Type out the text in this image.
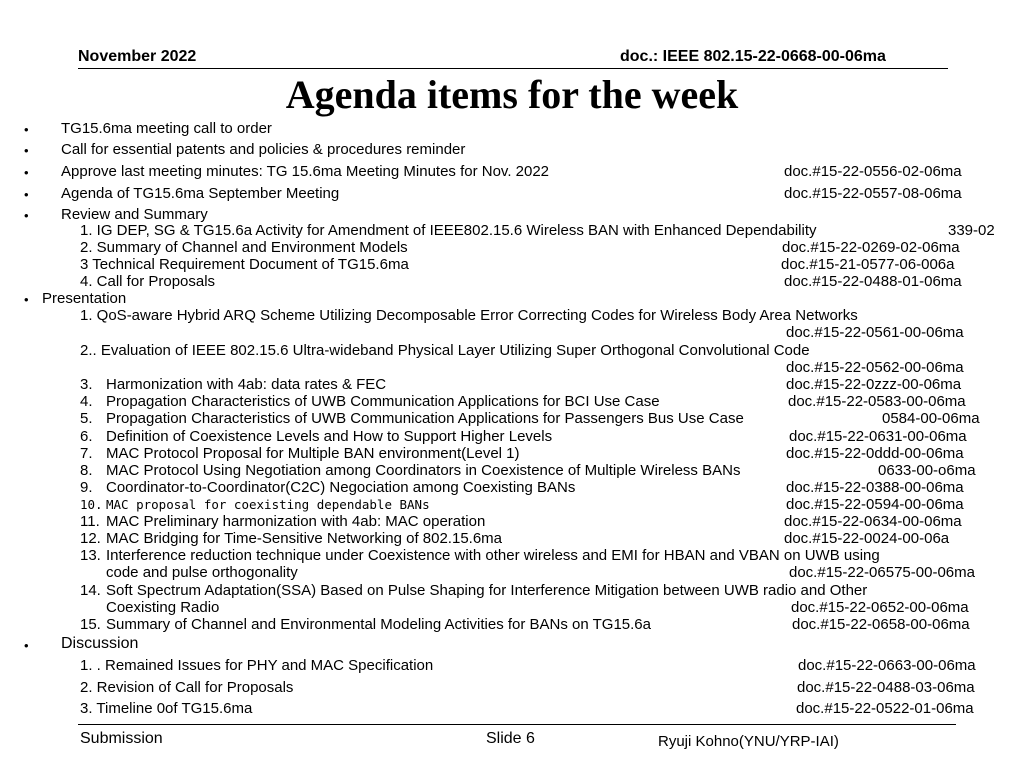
November 2022	doc.: IEEE 802.15-22-0668-00-06ma
Agenda items for the week
• TG15.6ma meeting call to order
• Call for essential patents and policies & procedures reminder
• Approve last meeting minutes: TG 15.6ma Meeting Minutes for Nov. 2022	doc.#15-22-0556-02-06ma
• Agenda of TG15.6ma September Meeting	doc.#15-22-0557-08-06ma
• Review and Summary
1. IG DEP, SG & TG15.6a Activity for Amendment of IEEE802.15.6 Wireless BAN with Enhanced Dependability	339-02
2. Summary of Channel and Environment Models	doc.#15-22-0269-02-06ma
3 Technical Requirement Document of TG15.6ma	doc.#15-21-0577-06-006a
4. Call for Proposals	doc.#15-22-0488-01-06ma
• Presentation
1. QoS-aware Hybrid ARQ Scheme Utilizing Decomposable Error Correcting Codes for Wireless Body Area Networks
doc.#15-22-0561-00-06ma
2.. Evaluation of IEEE 802.15.6 Ultra-wideband Physical Layer Utilizing Super Orthogonal Convolutional Code
doc.#15-22-0562-00-06ma
3. Harmonization with 4ab: data rates & FEC	doc.#15-22-0zzz-00-06ma
4. Propagation Characteristics of UWB Communication Applications for BCI Use Case	doc.#15-22-0583-00-06ma
5. Propagation Characteristics of UWB Communication Applications for Passengers Bus Use Case	0584-00-06ma
6. Definition of Coexistence Levels and How to Support Higher Levels	doc.#15-22-0631-00-06ma
7. MAC Protocol Proposal for Multiple BAN environment(Level 1)	doc.#15-22-0ddd-00-06ma
8. MAC Protocol Using Negotiation among Coordinators in Coexistence of Multiple Wireless BANs	0633-00-o6ma
9. Coordinator-to-Coordinator(C2C) Negociation among Coexisting BANs	doc.#15-22-0388-00-06ma
10. MAC proposal for coexisting dependable BANs	doc.#15-22-0594-00-06ma
11. MAC Preliminary harmonization with 4ab: MAC operation	doc.#15-22-0634-00-06ma
12. MAC Bridging for Time-Sensitive Networking of 802.15.6ma	doc.#15-22-0024-00-06a
13. Interference reduction technique under Coexistence with other wireless and EMI for HBAN and VBAN on UWB using
code and pulse orthogonality	doc.#15-22-06575-00-06ma
14. Soft Spectrum Adaptation(SSA) Based on Pulse Shaping for Interference Mitigation between UWB radio and Other
Coexisting Radio	doc.#15-22-0652-00-06ma
15. Summary of Channel and Environmental Modeling Activities for BANs on TG15.6a	doc.#15-22-0658-00-06ma
• Discussion
1. . Remained Issues for PHY and MAC Specification	doc.#15-22-0663-00-06ma
2. Revision of Call for Proposals	doc.#15-22-0488-03-06ma
3. Timeline 0of TG15.6ma	doc.#15-22-0522-01-06ma
Submission	Slide 6	Ryuji Kohno(YNU/YRP-IAI)
